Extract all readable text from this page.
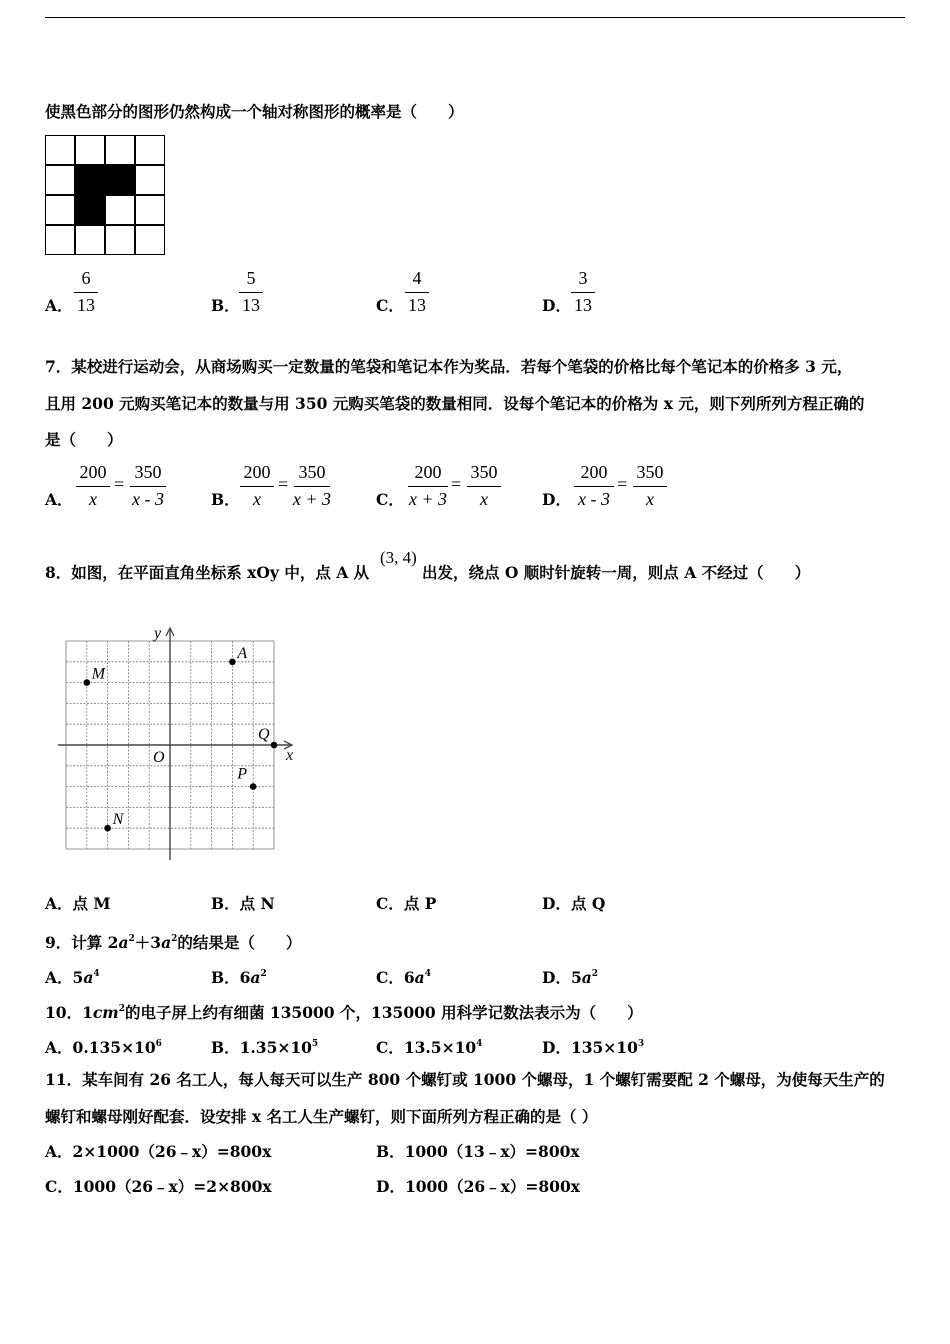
使黑色部分的图形仍然构成一个轴对称图形的概率是（　　）
A．
6
13	B．
5
13	C．
4
13	D．
3
13
7．某校进行运动会，从商场购买一定数量的笔袋和笔记本作为奖品．若每个笔袋的价格比每个笔记本的价格多 3 元，
且用 200 元购买笔记本的数量与用 350 元购买笔袋的数量相同．设每个笔记本的价格为 x 元，则下列所列方程正确的
是（　　）
A．
200
x
=
350
x - 3	B．
200
x
=
350
x + 3	C．
200
x + 3
=
350
x	D．
200
x - 3
=
350
x
8．如图，在平面直角坐标系 xOy 中，点 A 从
(3, 4)
出发，绕点 O 顺时针旋转一周，则点 A 不经过（　　）
A
M
Q
P
N
x
y
O
A．点 M	B．点 N	C．点 P	D．点 Q
9．计算 $2a^2+3a^2$的结果是（　　）
A．$5a^4$	B．$6a^2$	C．$6a^4$	D．$5a^2$
10．$1cm^2$的电子屏上约有细菌 135000 个，135000 用科学记数法表示为（　　）
A．$0.135\times 10^6$	B．$1.35\times 10^5$	C．$13.5\times 10^4$	D．$135\times 10^3$
11．某车间有 26 名工人，每人每天可以生产 800 个螺钉或 1000 个螺母，1 个螺钉需要配 2 个螺母，为使每天生产的
螺钉和螺母刚好配套．设安排 x 名工人生产螺钉，则下面所列方程正确的是（ ）
A．2×1000（26﹣x）=800x	B．1000（13﹣x）=800x
C．1000（26﹣x）=2×800x	D．1000（26﹣x）=800x
